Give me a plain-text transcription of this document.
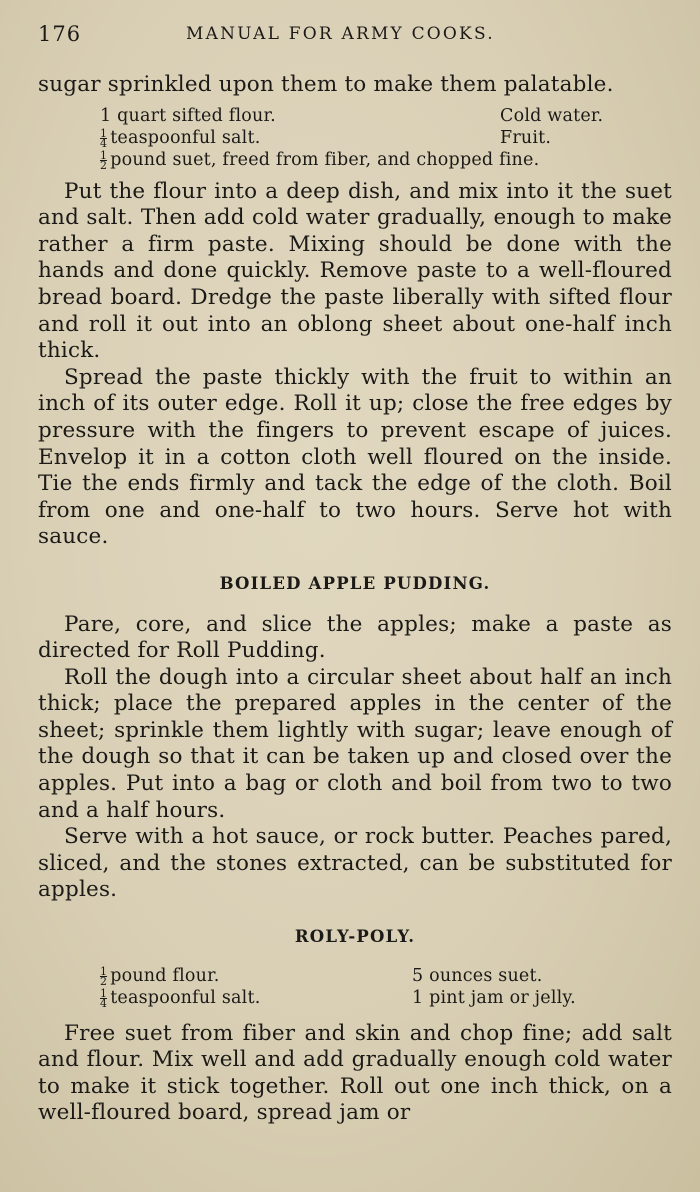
176	MANUAL FOR ARMY COOKS.

sugar sprinkled upon them to make them palatable.

1 quart sifted flour.	Cold water.
$\frac{1}{4}$ teaspoonful salt.	Fruit.
$\frac{1}{2}$ pound suet, freed from fiber, and chopped fine.

Put the flour into a deep dish, and mix into it the suet and salt. Then add cold water gradually, enough to make rather a firm paste. Mixing should be done with the hands and done quickly. Remove paste to a well-floured bread board. Dredge the paste liberally with sifted flour and roll it out into an oblong sheet about one-half inch thick.

Spread the paste thickly with the fruit to within an inch of its outer edge. Roll it up; close the free edges by pressure with the fingers to prevent escape of juices. Envelop it in a cotton cloth well floured on the inside. Tie the ends firmly and tack the edge of the cloth. Boil from one and one-half to two hours. Serve hot with sauce.

BOILED APPLE PUDDING.

Pare, core, and slice the apples; make a paste as directed for Roll Pudding.

Roll the dough into a circular sheet about half an inch thick; place the prepared apples in the center of the sheet; sprinkle them lightly with sugar; leave enough of the dough so that it can be taken up and closed over the apples. Put into a bag or cloth and boil from two to two and a half hours.

Serve with a hot sauce, or rock butter. Peaches pared, sliced, and the stones extracted, can be substituted for apples.

ROLY-POLY.
$\frac{1}{2}$ pound flour.	5 ounces suet.
$\frac{1}{4}$ teaspoonful salt.	1 pint jam or jelly.

Free suet from fiber and skin and chop fine; add salt and flour. Mix well and add gradually enough cold water to make it stick together. Roll out one inch thick, on a well-floured board, spread jam or
